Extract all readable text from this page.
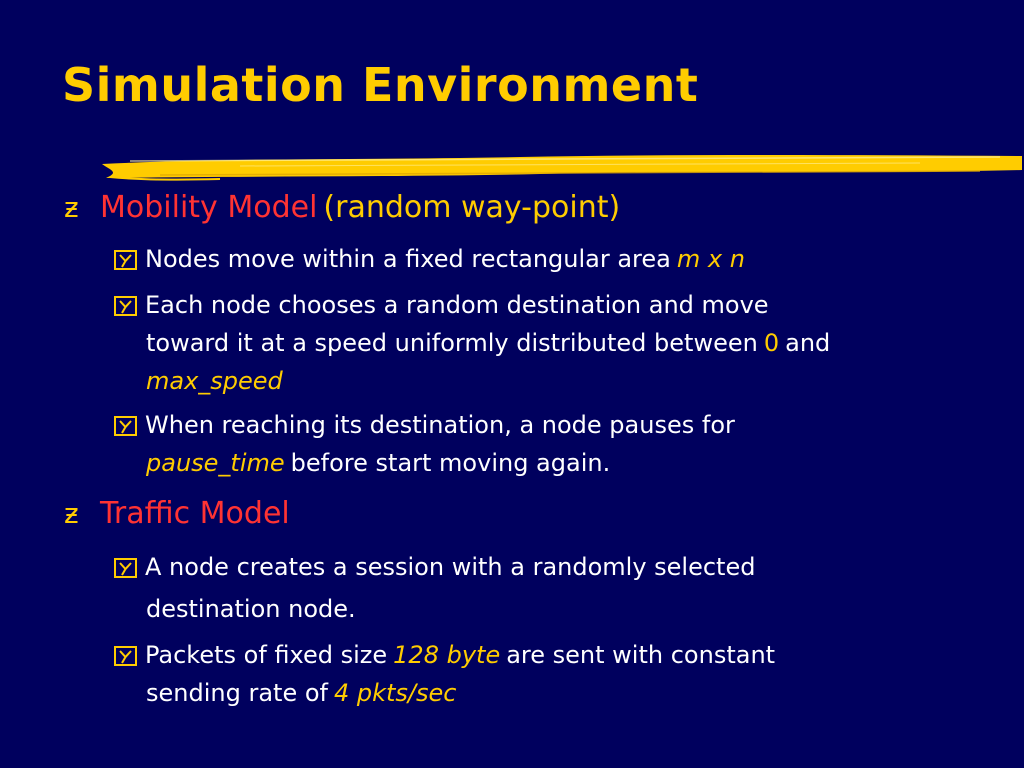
Simulation Environment
ƶ Mobility Model (random way-point)
Nodes move within a fixed rectangular area m x n
Each node chooses a random destination and move
toward it at a speed uniformly distributed between 0 and
max_speed
When reaching its destination, a node pauses for
pause_time before start moving again.
ƶ Traffic Model
A node creates a session with a randomly selected
destination node.
Packets of fixed size 128 byte are sent with constant
sending rate of 4 pkts/sec
